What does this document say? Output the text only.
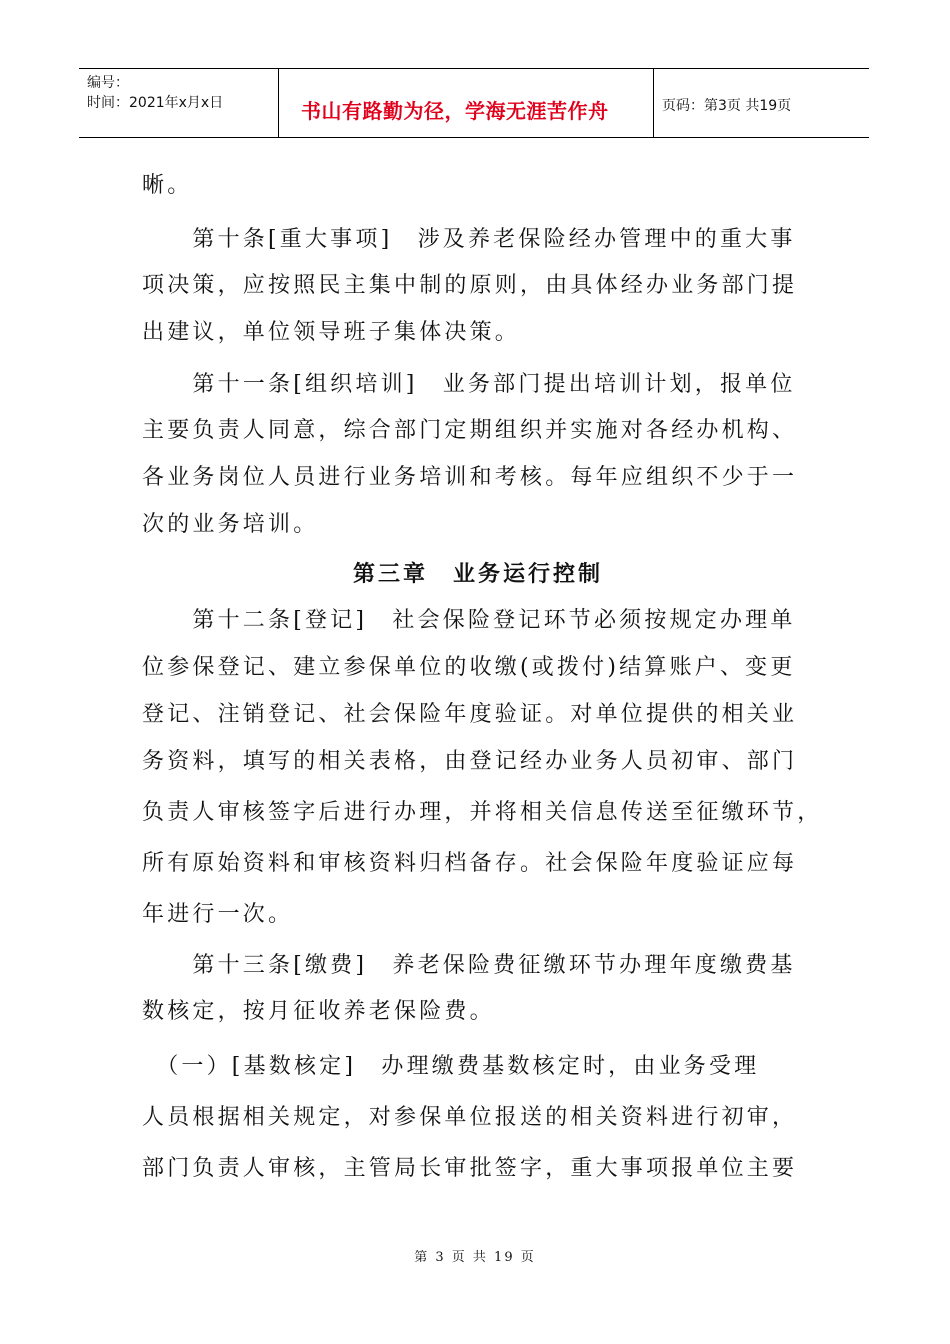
编号：
时间：2021年x月x日	书山有路勤为径，学海无涯苦作舟	页码：第3页 共19页
晰。
　　第十条[重大事项]　涉及养老保险经办管理中的重大事
项决策，应按照民主集中制的原则，由具体经办业务部门提
出建议，单位领导班子集体决策。
　　第十一条[组织培训]　业务部门提出培训计划，报单位
主要负责人同意，综合部门定期组织并实施对各经办机构、
各业务岗位人员进行业务培训和考核。每年应组织不少于一
次的业务培训。
第三章　业务运行控制
　　第十二条[登记]　社会保险登记环节必须按规定办理单
位参保登记、建立参保单位的收缴(或拨付)结算账户、变更
登记、注销登记、社会保险年度验证。对单位提供的相关业
务资料，填写的相关表格，由登记经办业务人员初审、部门
负责人审核签字后进行办理，并将相关信息传送至征缴环节，
所有原始资料和审核资料归档备存。社会保险年度验证应每
年进行一次。
　　第十三条[缴费]　养老保险费征缴环节办理年度缴费基
数核定，按月征收养老保险费。
　（一）[基数核定]　办理缴费基数核定时，由业务受理
人员根据相关规定，对参保单位报送的相关资料进行初审，
部门负责人审核，主管局长审批签字，重大事项报单位主要
第 3 页 共 19 页
